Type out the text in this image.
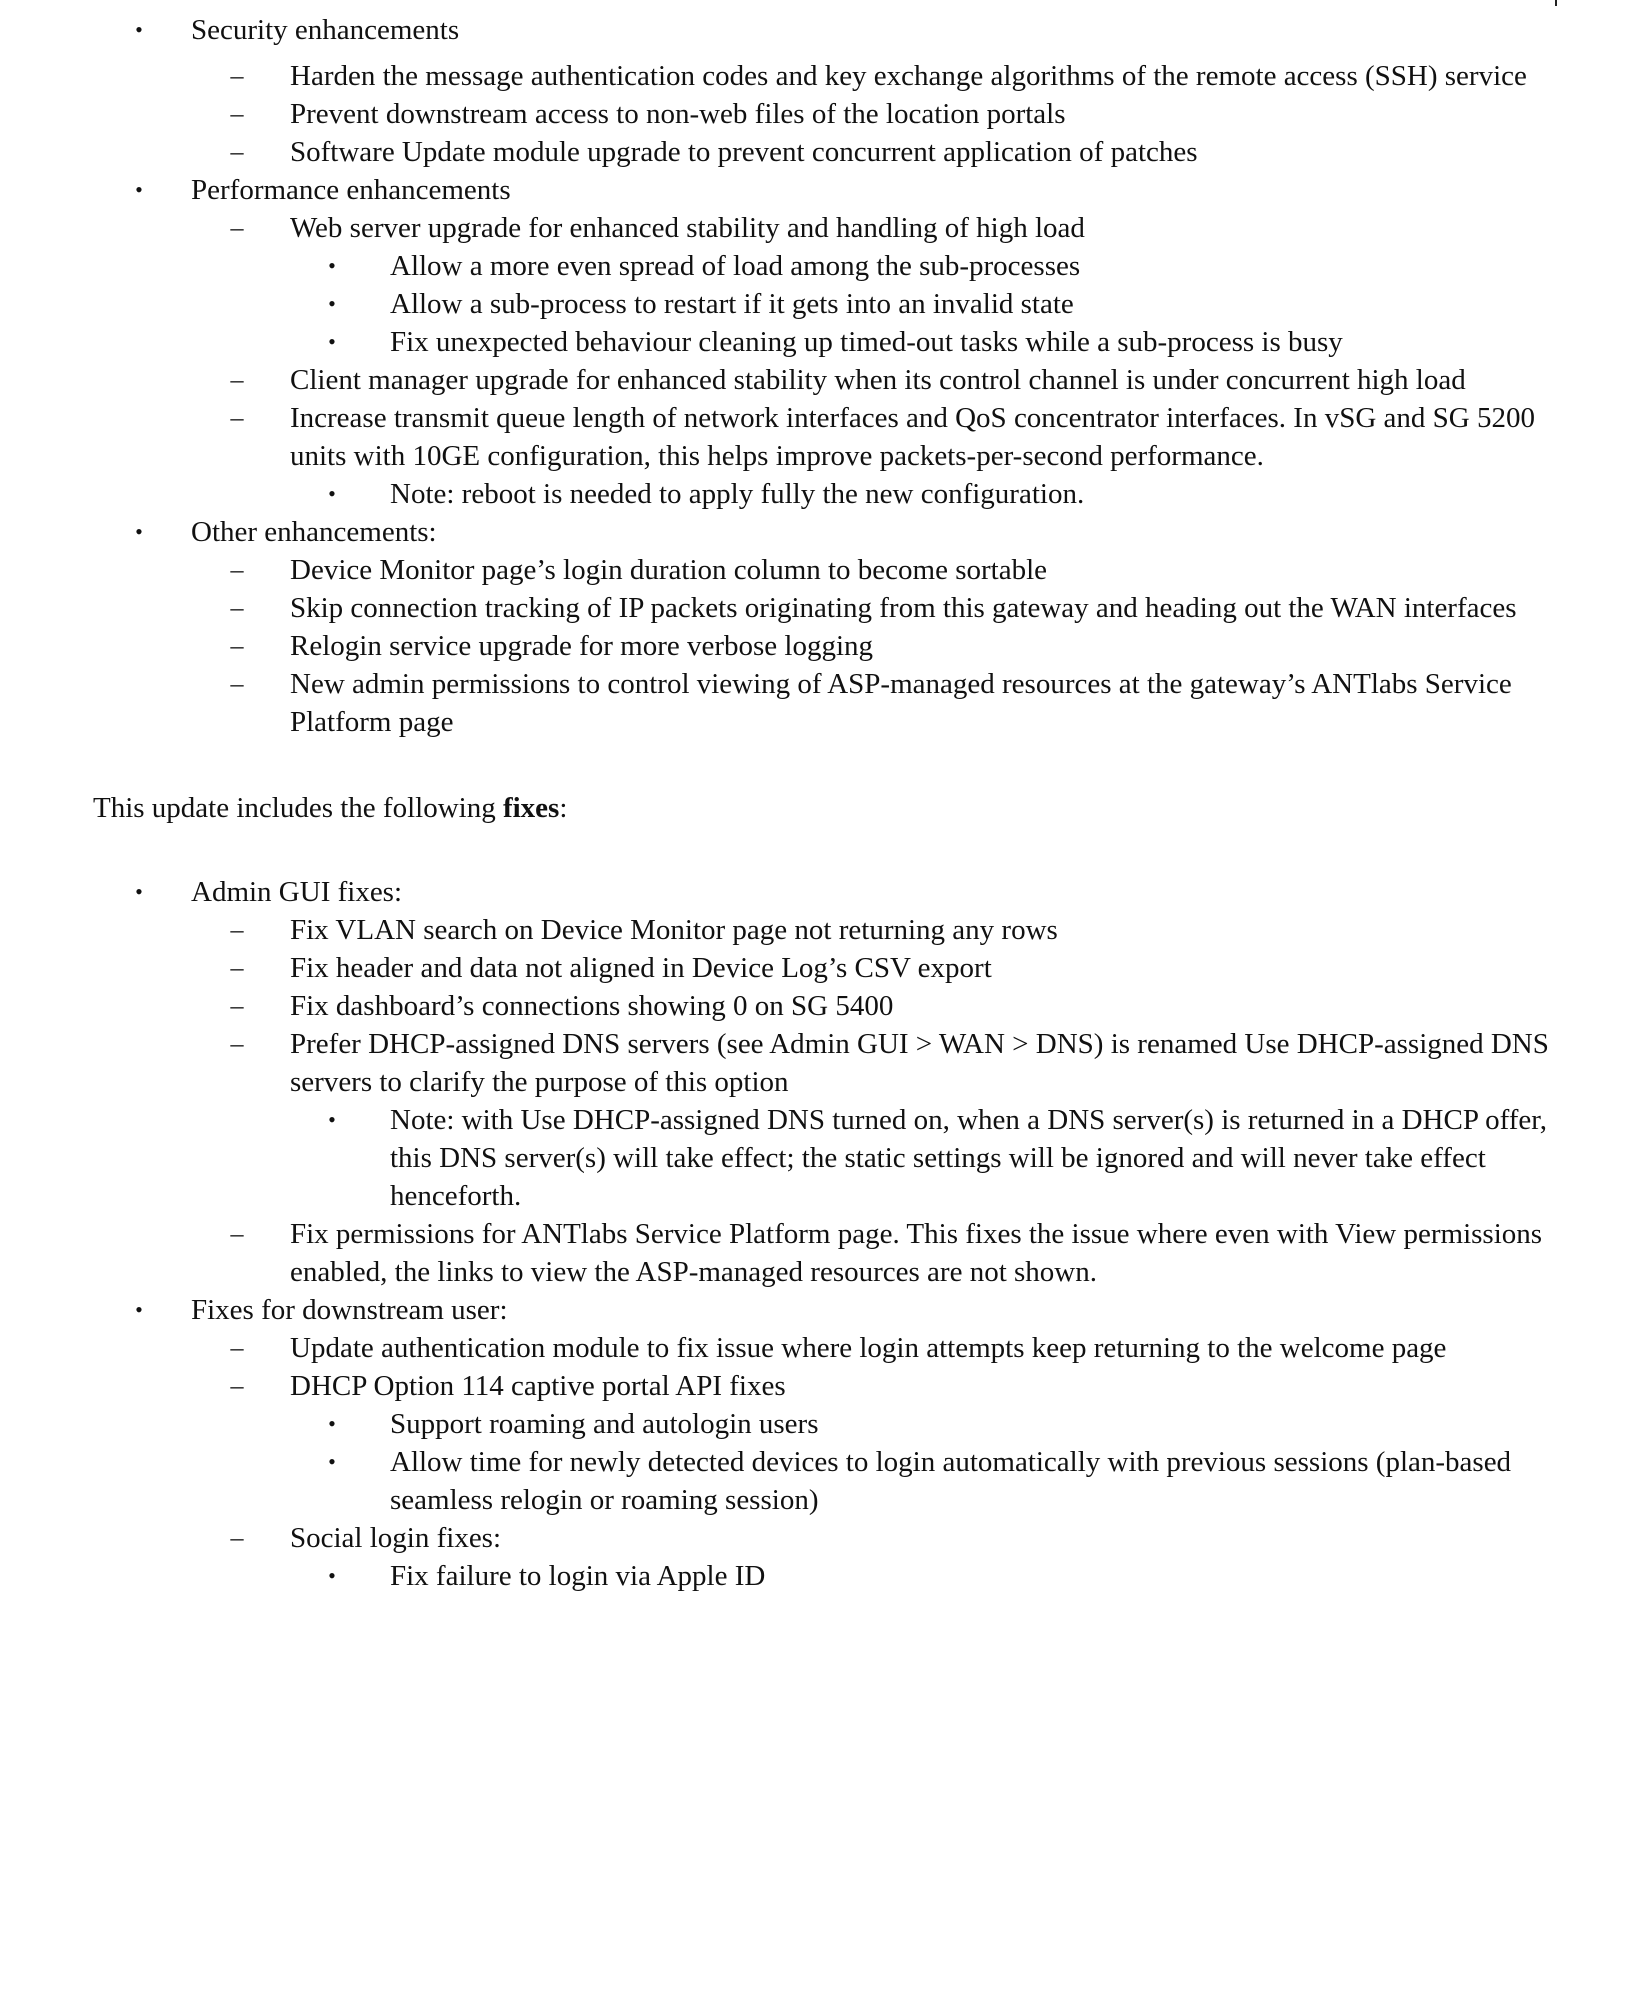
• Security enhancements
– Harden the message authentication codes and key exchange algorithms of the remote access (SSH) service
– Prevent downstream access to non-web files of the location portals
– Software Update module upgrade to prevent concurrent application of patches
• Performance enhancements
– Web server upgrade for enhanced stability and handling of high load
• Allow a more even spread of load among the sub-processes
• Allow a sub-process to restart if it gets into an invalid state
• Fix unexpected behaviour cleaning up timed-out tasks while a sub-process is busy
– Client manager upgrade for enhanced stability when its control channel is under concurrent high load
– Increase transmit queue length of network interfaces and QoS concentrator interfaces. In vSG and SG 5200 units with 10GE configuration, this helps improve packets-per-second performance.
• Note: reboot is needed to apply fully the new configuration.
• Other enhancements:
– Device Monitor page’s login duration column to become sortable
– Skip connection tracking of IP packets originating from this gateway and heading out the WAN interfaces
– Relogin service upgrade for more verbose logging
– New admin permissions to control viewing of ASP-managed resources at the gateway’s ANTlabs Service Platform page

This update includes the following fixes:

• Admin GUI fixes:
– Fix VLAN search on Device Monitor page not returning any rows
– Fix header and data not aligned in Device Log’s CSV export
– Fix dashboard’s connections showing 0 on SG 5400
– Prefer DHCP-assigned DNS servers (see Admin GUI > WAN > DNS) is renamed Use DHCP-assigned DNS servers to clarify the purpose of this option
• Note: with Use DHCP-assigned DNS turned on, when a DNS server(s) is returned in a DHCP offer, this DNS server(s) will take effect; the static settings will be ignored and will never take effect henceforth.
– Fix permissions for ANTlabs Service Platform page. This fixes the issue where even with View permissions enabled, the links to view the ASP-managed resources are not shown.
• Fixes for downstream user:
– Update authentication module to fix issue where login attempts keep returning to the welcome page
– DHCP Option 114 captive portal API fixes
• Support roaming and autologin users
• Allow time for newly detected devices to login automatically with previous sessions (plan-based seamless relogin or roaming session)
– Social login fixes:
• Fix failure to login via Apple ID
